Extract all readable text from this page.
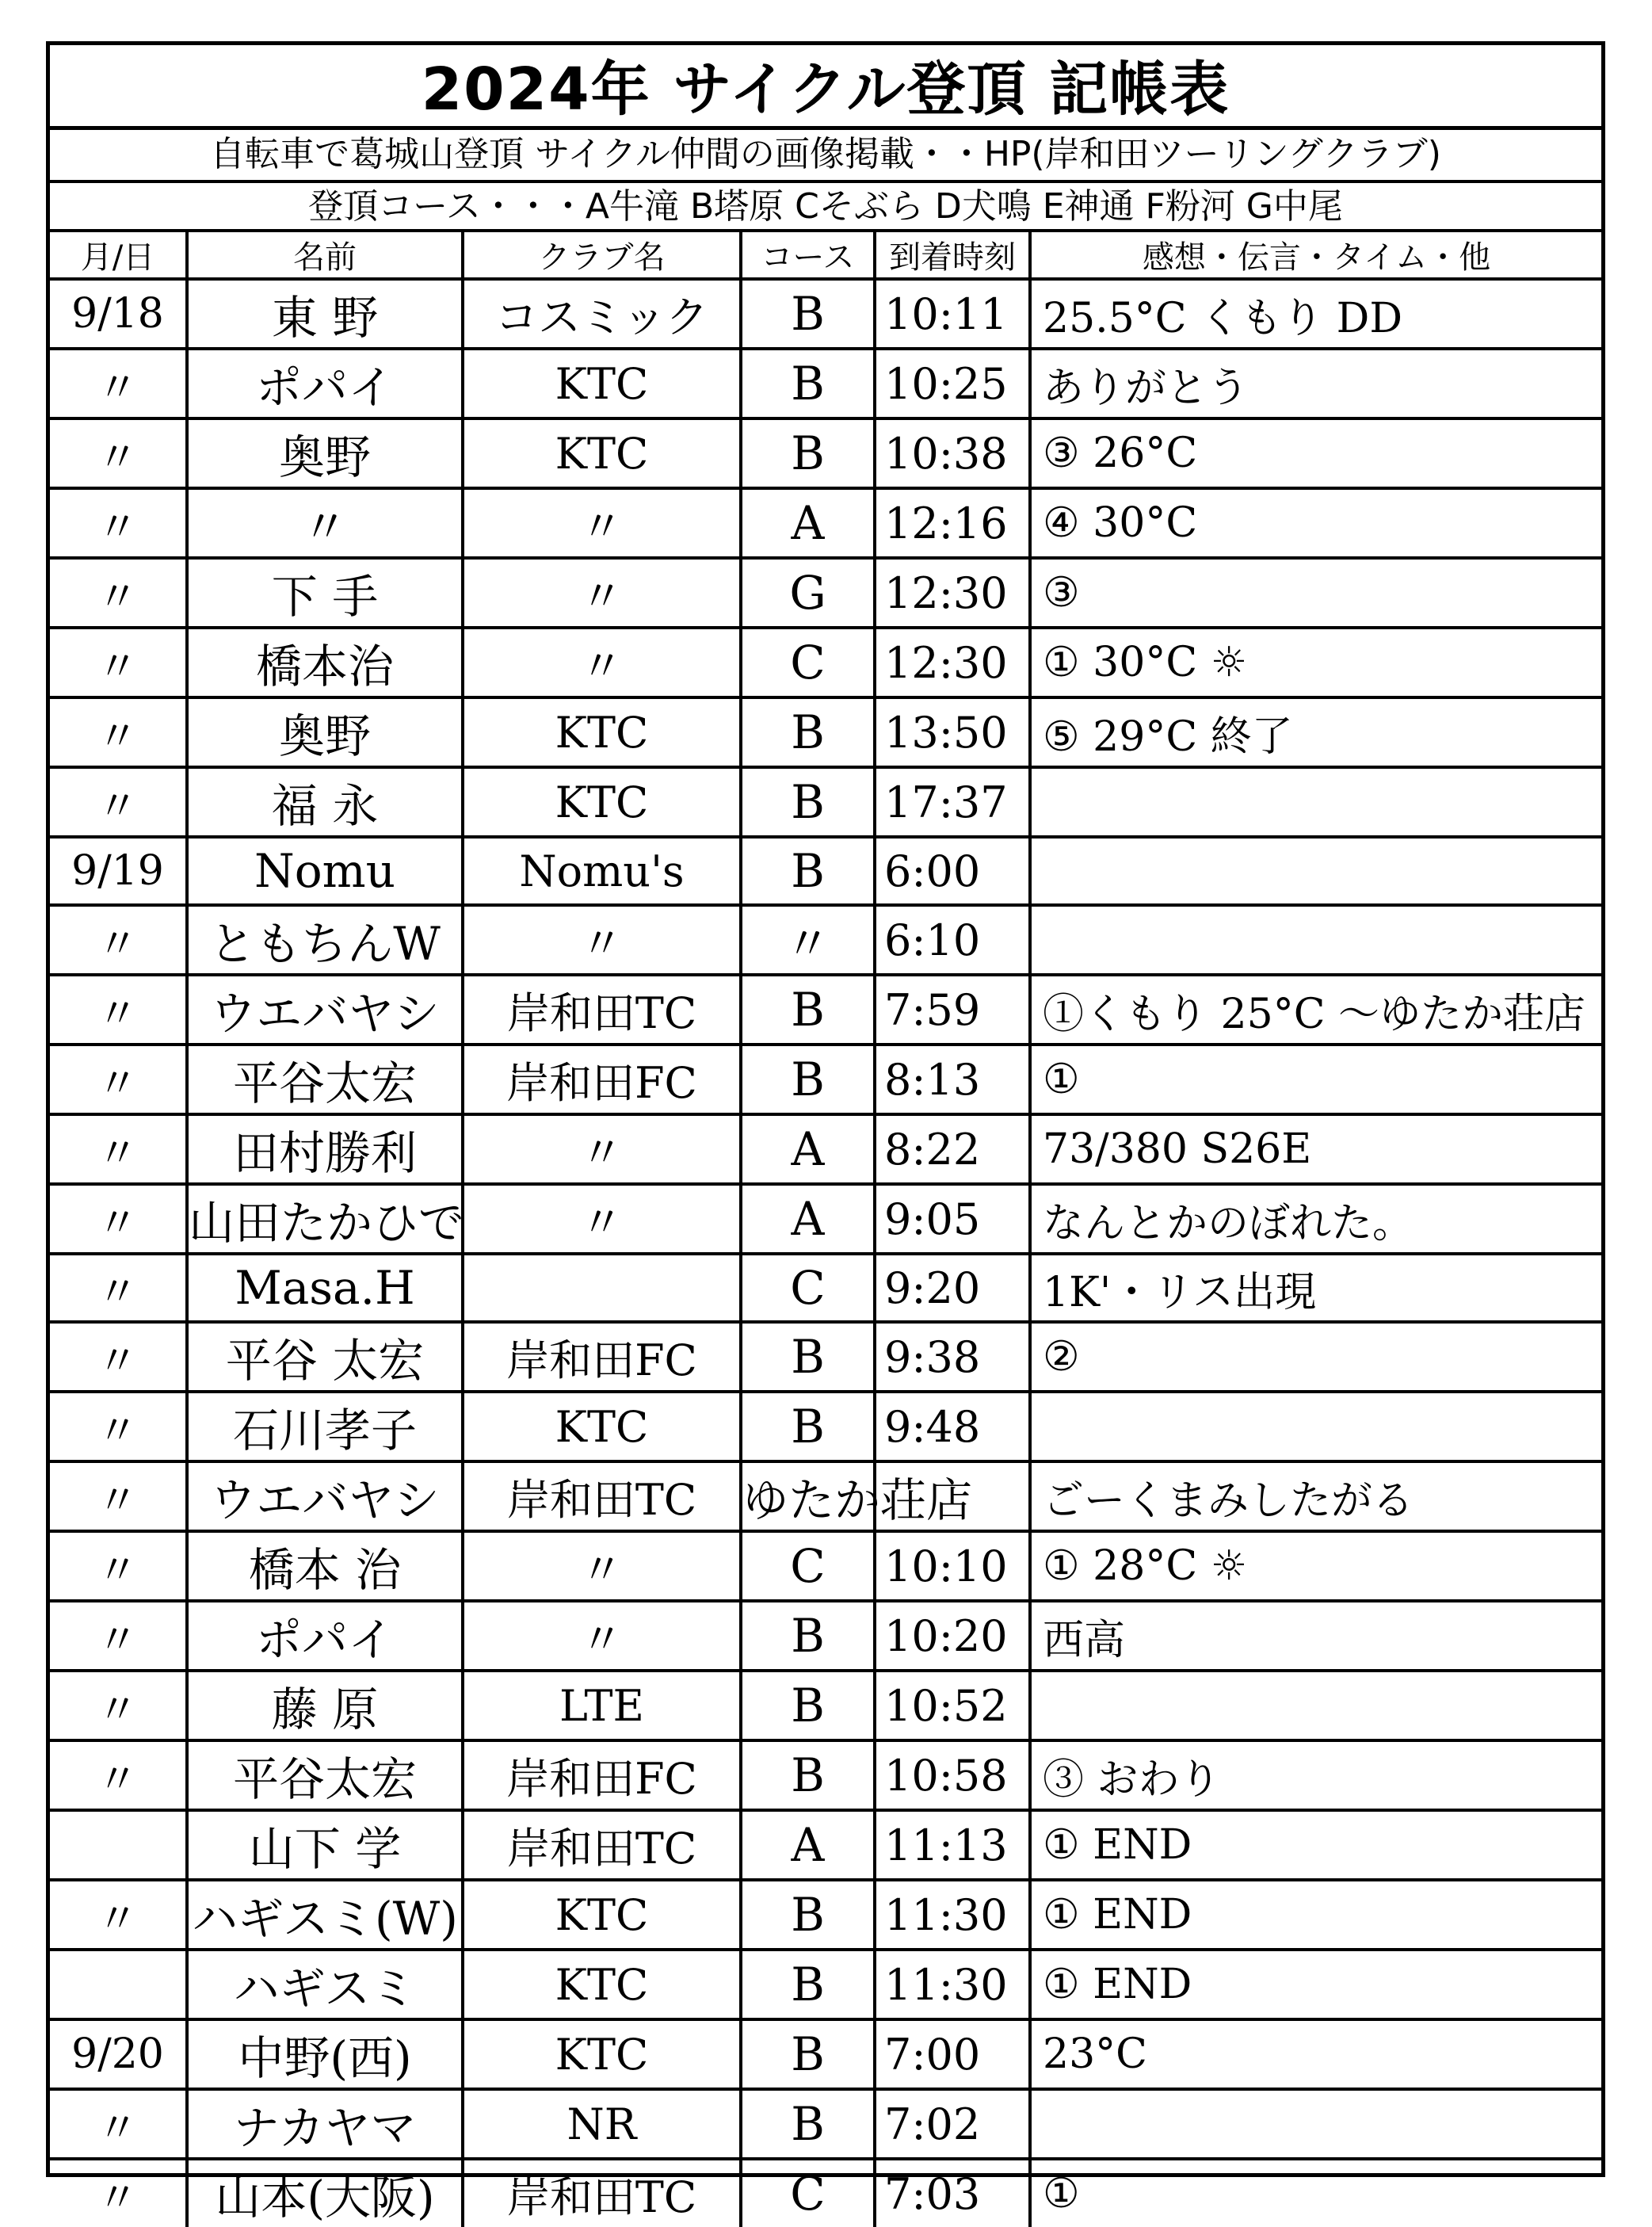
2024年 サイクル登頂 記帳表
自転車で葛城山登頂 サイクル仲間の画像掲載・・HP(岸和田ツーリングクラブ)
登頂コース・・・A牛滝 B塔原 Cそぶら D犬鳴 E神通 F粉河 G中尾
月/日	名前	クラブ名	コース	到着時刻	感想・伝言・タイム・他
9/18	東 野	コスミック	B	10:11	25.5°C くもり DD
〃	ポパイ	KTC	B	10:25	ありがとう
〃	奥野	KTC	B	10:38	③ 26°C
〃	〃	〃	A	12:16	④ 30°C
〃	下 手	〃	G	12:30	③
〃	橋本治	〃	C	12:30	① 30°C ☼
〃	奥野	KTC	B	13:50	⑤ 29°C 終了
〃	福 永	KTC	B	17:37	
9/19	Nomu	Nomu's	B	6:00	
〃	ともちんW	〃	〃	6:10	
〃	ウエバヤシ	岸和田TC	B	7:59	①くもり 25°C ～ゆたか荘店
〃	平谷太宏	岸和田FC	B	8:13	①
〃	田村勝利	〃	A	8:22	73/380 S26E
〃	山田たかひで	〃	A	9:05	なんとかのぼれた。
〃	Masa.H		C	9:20	1K'・リス出現
〃	平谷 太宏	岸和田FC	B	9:38	②
〃	石川孝子	KTC	B	9:48	
〃	ウエバヤシ	岸和田TC	ゆたか荘店		ごーくまみしたがる
〃	橋本 治	〃	C	10:10	① 28°C ☼
〃	ポパイ	〃	B	10:20	西高
〃	藤 原	LTE	B	10:52	
〃	平谷太宏	岸和田FC	B	10:58	③ おわり
	山下 学	岸和田TC	A	11:13	① END
〃	ハギスミ(W)	KTC	B	11:30	① END
	ハギスミ	KTC	B	11:30	① END
9/20	中野(西)	KTC	B	7:00	23°C
〃	ナカヤマ	NR	B	7:02	
〃	山本(大阪)	岸和田TC	C	7:03	①
